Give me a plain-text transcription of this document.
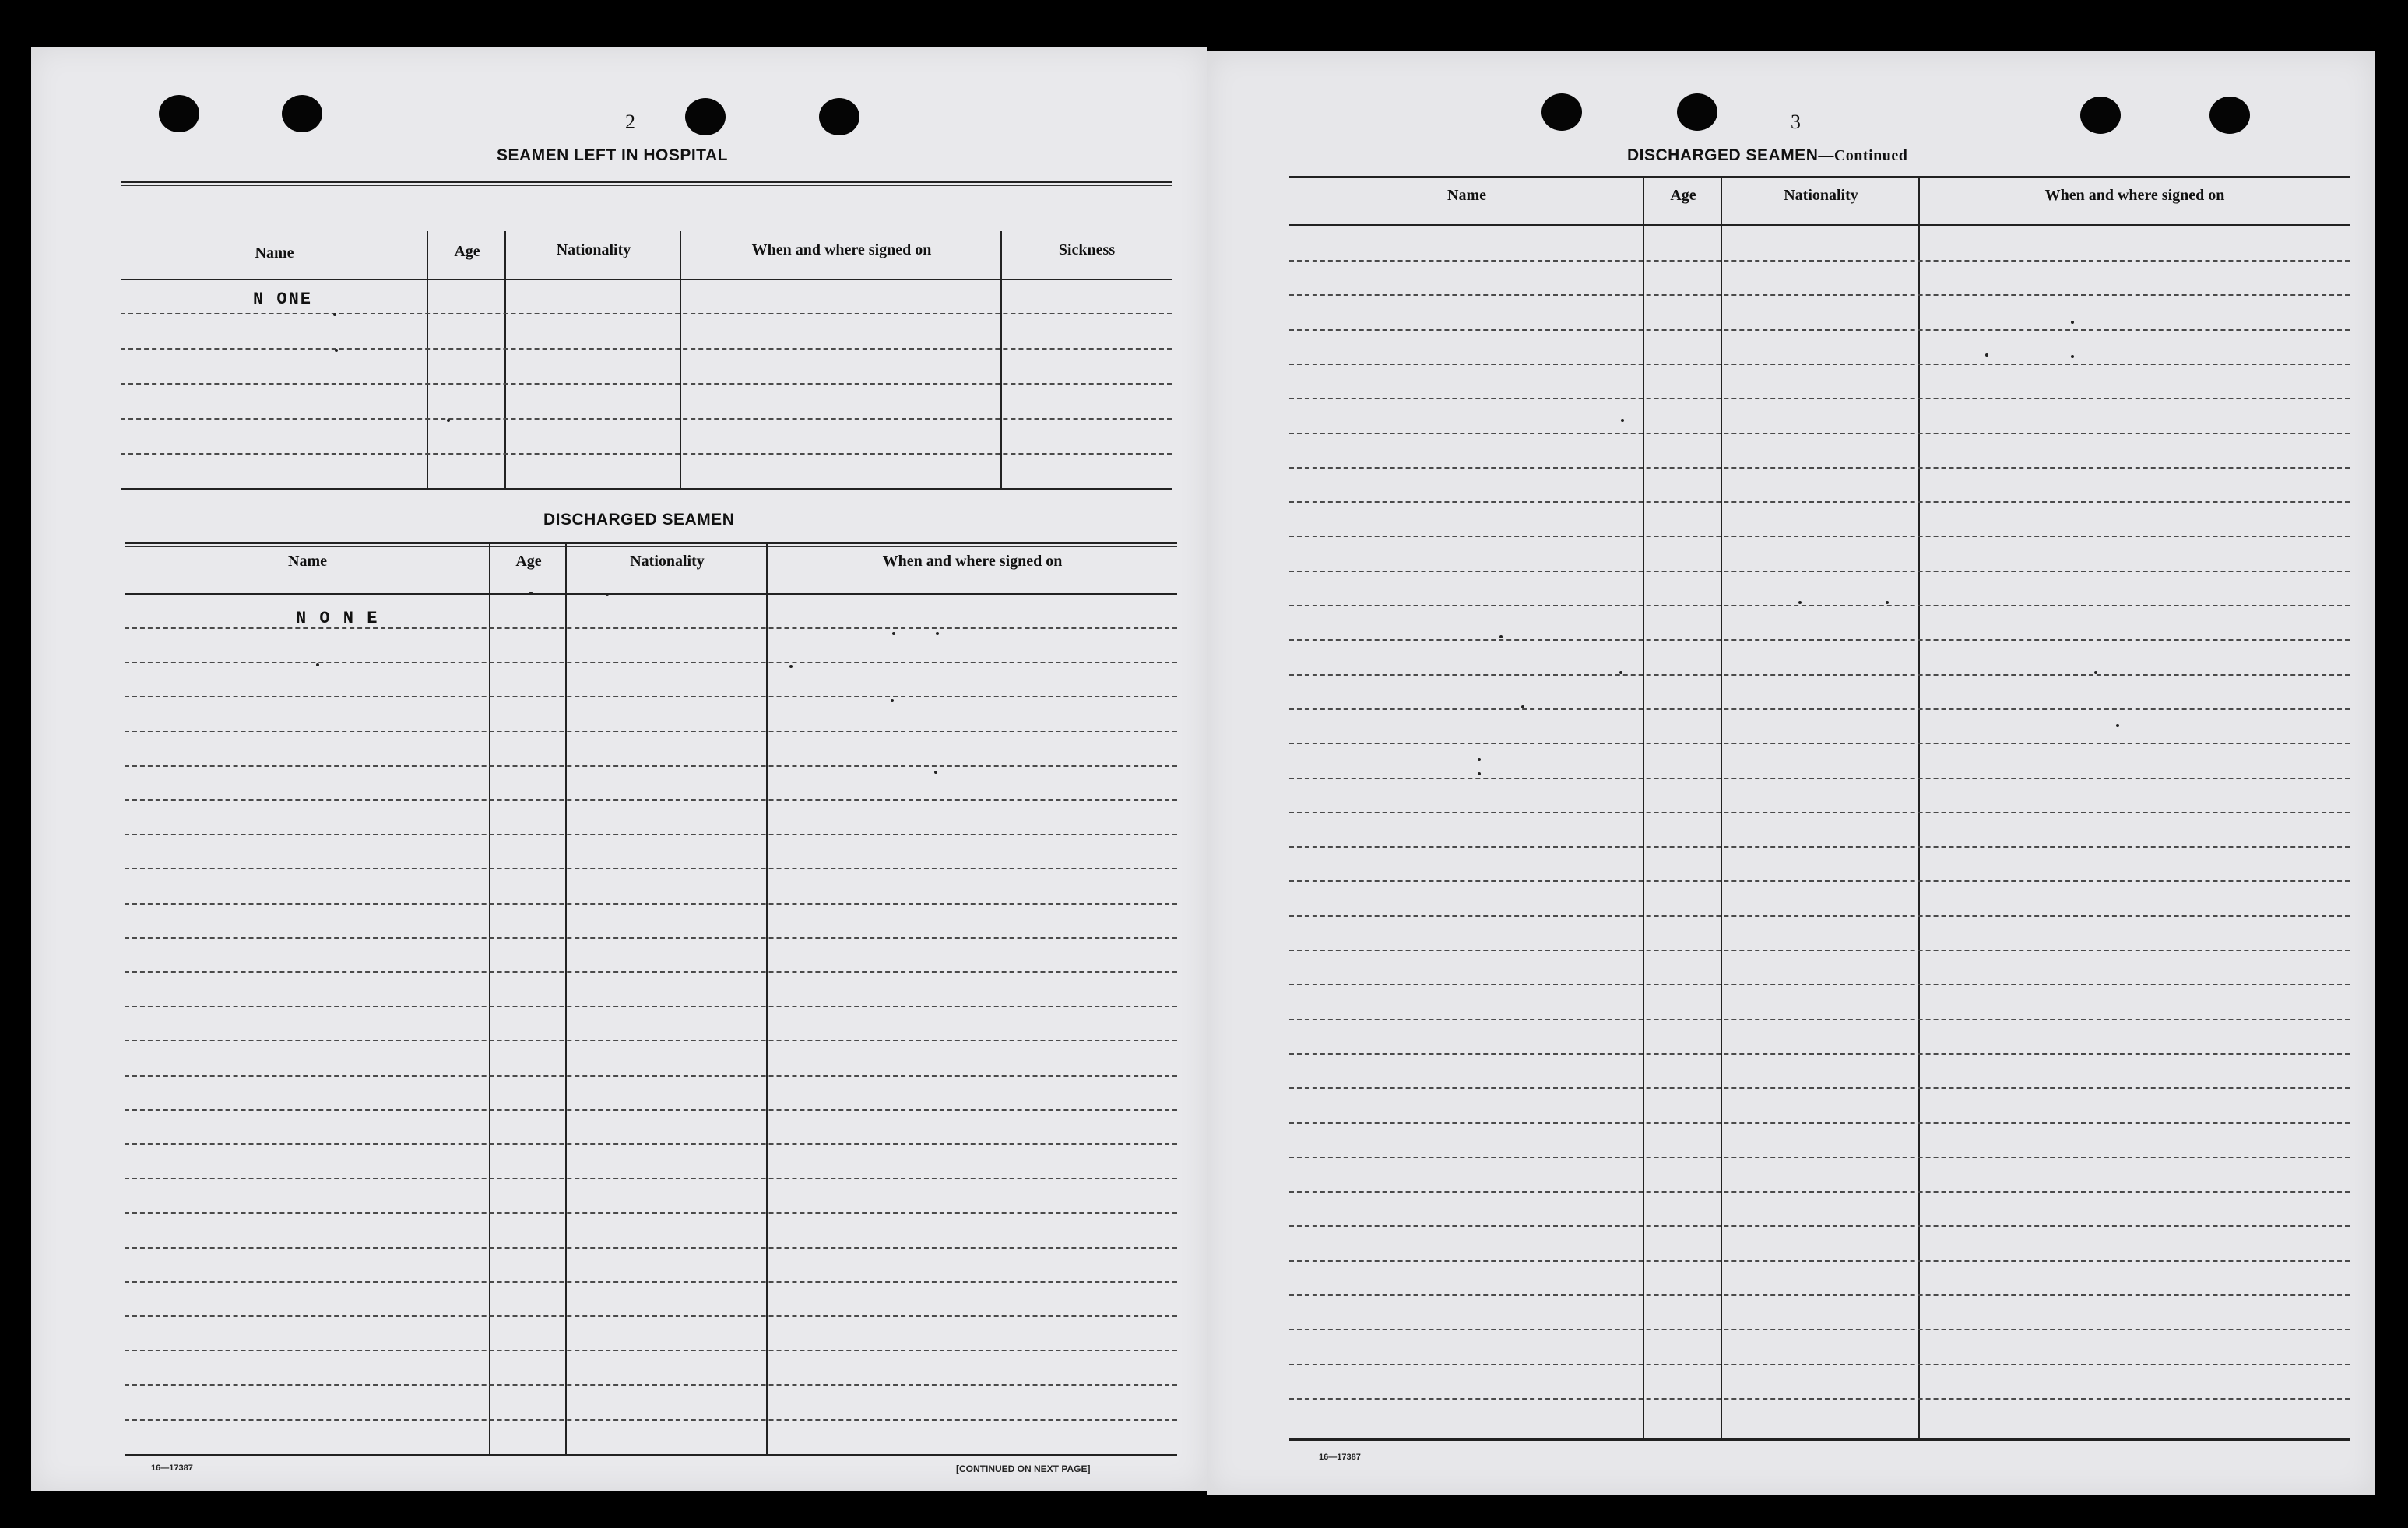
2
SEAMEN LEFT IN HOSPITAL
Name	Age	Nationality	When and where signed on	Sickness
N ONE
DISCHARGED SEAMEN
Name	Age	Nationality	When and where signed on
N O N E
16—17387	[CONTINUED ON NEXT PAGE]
3
DISCHARGED SEAMEN—Continued
Name	Age	Nationality	When and where signed on
16—17387
